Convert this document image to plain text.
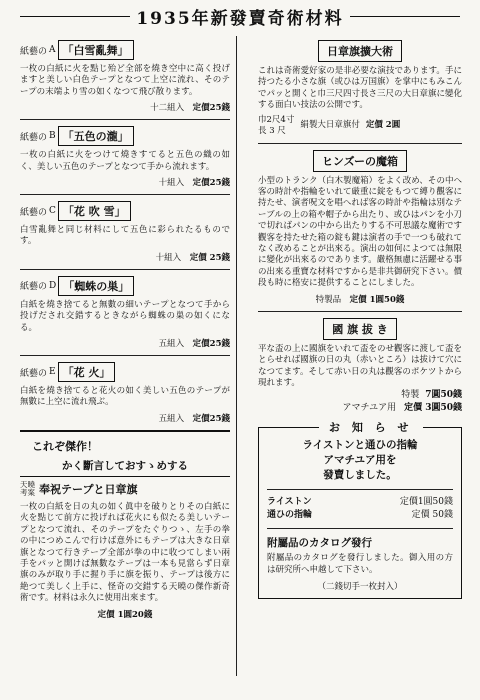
1935年新發賣奇術材料
紙藝の A 「白雪亂舞」
一枚の白紙に火を點じ殆ど全部を燒き空中に高く投げますと美しい白色テープとなつて上空に流れ、そのテープの末端より雪の如くなつて飛び散ります。
十二組入　 定價25錢
紙藝の B 「五色の瀧」
一枚の白紙に火をつけて燒きすてると五色の織の如く、美しい五色のテープとなつて手から流れます。
十組入　 定價25錢
紙藝の C 「花 吹 雪」
白雪亂舞と同じ材料にして五色に彩られたるものです。
十組入　 定價 25錢
紙藝の D 「蜘蛛の巣」
白紙を燒き捨てると無數の細いテープとなつて手から投げだされ交錯するときながら蜘蛛の巣の如くになる。
五組入　 定價25錢
紙藝の E 「花 火」
白紙を燒き捨てると花火の如く美しい五色のテープが無數に上空に流れ飛ぶ。
五組入　 定價25錢
これぞ傑作！
かく斷言しておすゝめする
天曉
考案 奉祝テープと日章旗
一枚の白紙を日の丸の如く眞中を破りとりその白紙に火を點じて前方に投げれば花火にも似たる美しいテープとなつて流れ、そのテープをたぐりつゝ、左手の拳の中につめこんで行けば意外にもテープは大きな日章旗となつて行きテープ全部が拳の中に收つてしまい兩手をパッと開けば無數なテープは一本も見當らず日章旗のみが取り手に握り手に旗を振り、テープは後方に絶つて美しく上手に、怪奇の交錯する天曉の傑作新奇術です。材料は永久に使用出來ます。
定價 1圓20錢
日章旗擴大術
これは奇術愛好家の是非必要な演技であります。手に持つたる小さな旗（或ひは万国旗）を掌中にもみこんでパッと開くと巾三尺四寸長さ三尺の大日章旗に變化する面白い技法の公開です。
巾2尺4寸
長 3 尺
絹製大日章旗付 定價 2圓
ヒンズーの魔箱
小型のトランク（白木製魔箱）をよく改め、その中へ客の時計や指輪をいれて厳重に錠をもつて縛り觀客に持たせ、演者呪文を唱へれば客の時計や指輪は別なテーブルの上の箱や帽子から出たり、或ひはパンを小刀で切ればパンの中から出たりする不可思議な魔術です觀客を持たせた箱の錠も鍵は演者の手で一つも破れてなく改めることが出來る。演出の如何によつては無限に變化が出來るのであります。嚴格無慮に活躍せる事の出來る重寶な材料ですから是非共御研究下さい。價段も時に格安に提供することにしました。
特製品　 定價 1圓50錢
國 旗 拔 き
平な盃の上に國旗をいれて盃をのせ觀客に渡して盃をとらせれば國旗の日の丸（赤いところ）は拔けて穴になつてます。そして赤い日の丸は觀客のポケツトから現れます。
特製 7圓50錢
アマチユア用 定價 3圓50錢
お 知 ら せ
ライストンと通ひの指輪
アマチユア用を
發賣しました。
ライストン	定價1圓50錢
通ひの指輪	定價 50錢
附屬品のカタログ發行
附屬品のカタログを發行しました。御入用の方は研究所へ申越して下さい。
（二錢切手一枚封入）
